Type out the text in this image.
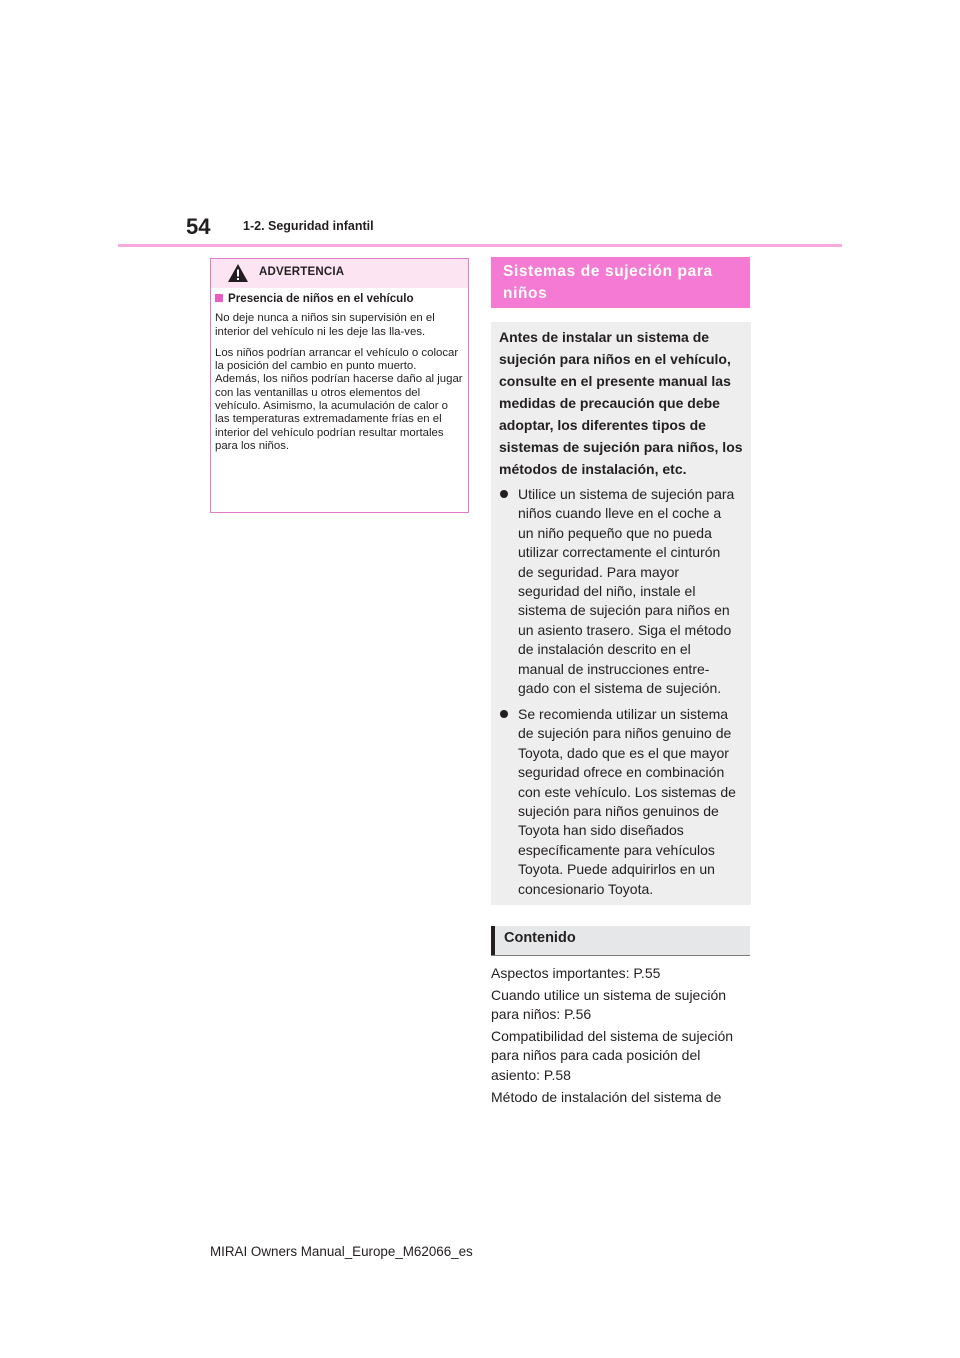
54	1-2. Seguridad infantil
ADVERTENCIA

Presencia de niños en el vehículo

No deje nunca a niños sin supervisión en el interior del vehículo ni les deje las lla-ves.

Los niños podrían arrancar el vehículo o colocar la posición del cambio en punto muerto. Además, los niños podrían hacerse daño al jugar con las ventanillas u otros elementos del vehículo. Asimismo, la acumulación de calor o las temperaturas extremadamente frías en el interior del vehículo podrían resultar mortales para los niños.

Sistemas de sujeción para niños
Antes de instalar un sistema de sujeción para niños en el vehículo, consulte en el presente manual las medidas de precaución que debe adoptar, los diferentes tipos de sistemas de sujeción para niños, los métodos de instalación, etc.
Utilice un sistema de sujeción para niños cuando lleve en el coche a un niño pequeño que no pueda utilizar correctamente el cinturón de seguridad. Para mayor seguridad del niño, instale el sistema de sujeción para niños en un asiento trasero. Siga el método de instalación descrito en el manual de instrucciones entre-gado con el sistema de sujeción.
Se recomienda utilizar un sistema de sujeción para niños genuino de Toyota, dado que es el que mayor seguridad ofrece en combinación con este vehículo. Los sistemas de sujeción para niños genuinos de Toyota han sido diseñados específicamente para vehículos Toyota. Puede adquirirlos en un concesionario Toyota.
Contenido
Aspectos importantes: P.55
Cuando utilice un sistema de sujeción para niños: P.56
Compatibilidad del sistema de sujeción para niños para cada posición del asiento: P.58
Método de instalación del sistema de
MIRAI Owners Manual_Europe_M62066_es
